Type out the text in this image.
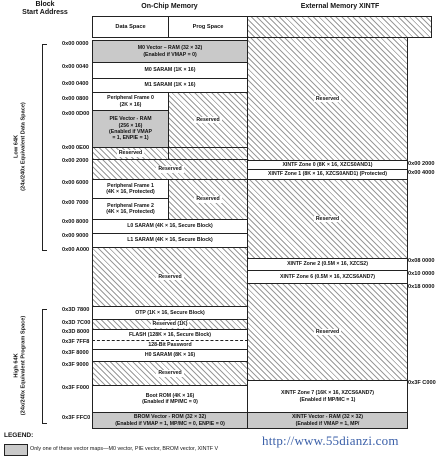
Block
Start Address
On-Chip Memory	External Memory XINTF
Data Space	Prog Space
0x00 0000
0x00 0040
0x00 0400
0x00 0800
0x00 0D00
0x00 0E00
0x00 2000
0x00 6000
0x00 7000
0x00 8000
0x00 9000
0x00 A000
0x3D 7800
0x3D 7C00
0x3D 8000
0x3F 7FF8
0x3F 8000
0x3F 9000
0x3F F000
0x3F FFC0
0x00 2000
0x00 4000
0x08 0000
0x10 0000
0x18 0000
0x3F C000
Low 64K (24x/240x Equivalent Data Space)
High 64K (24x/240x Equivalent Program Space)
M0 Vector – RAM (32 × 32)
(Enabled if VMAP = 0)
M0 SARAM (1K × 16)
M1 SARAM (1K × 16)
Peripheral Frame 0
(2K × 16)
PIE Vector - RAM
(256 × 16)
(Enabled if VMAP
= 1, ENPIE = 1)
Reserved
Reserved
Reserved
Peripheral Frame 1
(4K × 16, Protected)
Peripheral Frame 2
(4K × 16, Protected)
Reserved
L0 SARAM (4K × 16, Secure Block)
L1 SARAM (4K × 16, Secure Block)
Reserved
OTP (1K × 16, Secure Block)
Reserved (1K)
FLASH (128K × 16, Secure Block)
128-Bit Password
H0 SARAM (8K × 16)
Reserved
Boot ROM (4K × 16)
(Enabled if MP/MC = 0)
BROM Vector - ROM (32 × 32)
(Enabled if VMAP = 1, MP/MC = 0, ENPIE = 0)
Reserved
XINTF Zone 0 (8K × 16, XZCS0AND1)
XINTF Zone 1 (8K × 16, XZCS0AND1) (Protected)
Reserved
XINTF Zone 2 (0.5M × 16, XZCS2)
XINTF Zone 6 (0.5M × 16, XZCS6AND7)
Reserved
XINTF Zone 7 (16K × 16, XZCS6AND7)
(Enabled if MP/MC = 1)
XINTF Vector - RAM (32 × 32)
(Enabled if VMAP = 1, MP/
LEGEND:
Only one of these vector maps—M0 vector, PIE vector, BROM vector, XINTF V
http://www.55dianzi.com
